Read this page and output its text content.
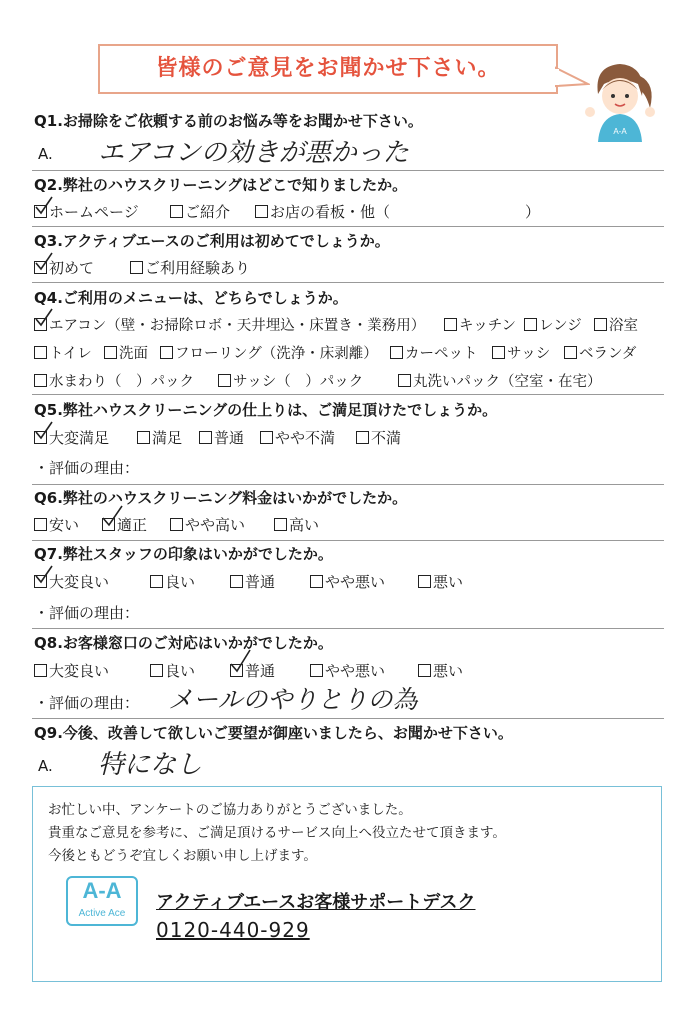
皆様のご意見をお聞かせ下さい。
A-A
Q1.お掃除をご依頼する前のお悩み等をお聞かせ下さい。
A. エアコンの効きが悪かった
Q2.弊社のハウスクリーニングはどこで知りましたか。
ホームページ	ご紹介	お店の看板・他（　　　　　　　　　）
Q3.アクティブエースのご利用は初めてでしょうか。
初めて	ご利用経験あり
Q4.ご利用のメニューは、どちらでしょうか。
エアコン（壁・お掃除ロボ・天井埋込・床置き・業務用）	キッチン	レンジ	浴室
トイレ	洗面	フローリング（洗浄・床剥離）	カーペット	サッシ	ベランダ
水まわり（　）パック	サッシ（　）パック	丸洗いパック（空室・在宅）
Q5.弊社ハウスクリーニングの仕上りは、ご満足頂けたでしょうか。
大変満足	満足	普通	やや不満	不満
・評価の理由：
Q6.弊社のハウスクリーニング料金はいかがでしたか。
安い	適正	やや高い	高い
Q7.弊社スタッフの印象はいかがでしたか。
大変良い	良い	普通	やや悪い	悪い
・評価の理由：
Q8.お客様窓口のご対応はいかがでしたか。
大変良い	良い	普通	やや悪い	悪い
・評価の理由： メールのやりとりの為
Q9.今後、改善して欲しいご要望が御座いましたら、お聞かせ下さい。
A. 特になし
お忙しい中、アンケートのご協力ありがとうございました。
貴重なご意見を参考に、ご満足頂けるサービス向上へ役立たせて頂きます。
今後ともどうぞ宜しくお願い申し上げます。
A-A
Active Ace
アクティブエースお客様サポートデスク
0120-440-929
